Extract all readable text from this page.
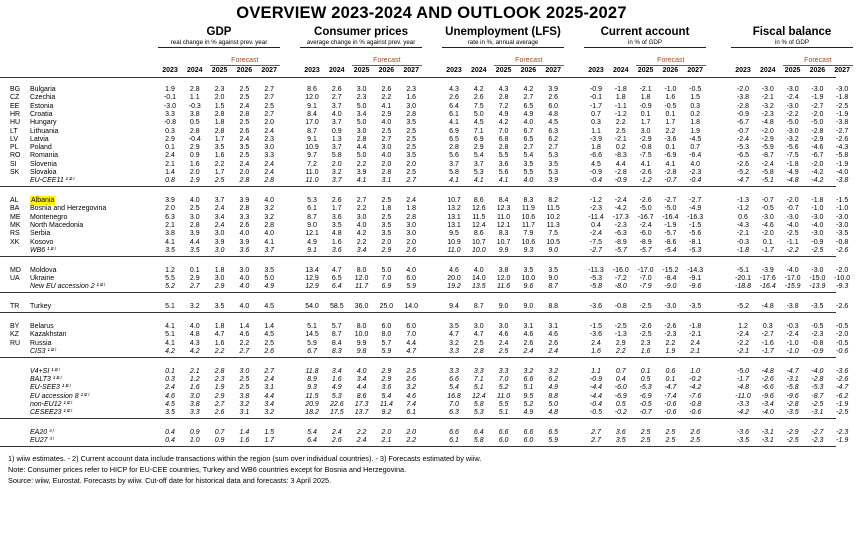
OVERVIEW 2023-2024 AND OUTLOOK 2025-2027
GDP
real change in % against prev. year
Forecast
2023	2024	2025	2026	2027
Consumer prices
average change in % against prev. year
Forecast
2023	2024	2025	2026	2027
Unemployment (LFS)
rate in %, annual average
Forecast
2023	2024	2025	2026	2027
Current account
in % of GDP
Forecast
2023	2024	2025	2026	2027
Fiscal balance
in % of GDP
Forecast
2023	2024	2025	2026	2027
BG Bulgaria	1.9	2.8	2.3	2.5	2.7	8.6	2.6	3.0	2.6	2.3	4.3	4.2	4.3	4.2	3.9	-0.9	-1.8	-2.1	-1.0	-0.5	-2.0	-3.0	-3.0	-3.0	-3.0
CZ Czechia	-0.1	1.1	2.0	2.5	2.7	12.0	2.7	2.3	2.2	1.6	2.6	2.6	2.8	2.7	2.6	-0.1	1.8	1.8	1.6	1.5	-3.8	-2.1	-2.4	-1.9	-1.8
EE Estonia	-3.0	-0.3	1.5	2.4	2.5	9.1	3.7	5.0	4.1	3.0	6.4	7.5	7.2	6.5	6.0	-1.7	-1.1	-0.9	-0.5	0.3	-2.8	-3.2	-3.0	-2.7	-2.5
HR Croatia	3.3	3.8	2.8	2.8	2.7	8.4	4.0	3.4	2.9	2.8	6.1	5.0	4.9	4.9	4.8	0.7	-1.2	0.1	0.1	0.2	-0.9	-2.3	-2.2	-2.0	-1.9
HU Hungary	-0.8	0.5	1.8	2.5	2.0	17.0	3.7	5.0	4.0	3.5	4.1	4.5	4.2	4.0	4.5	0.3	2.2	1.7	1.7	1.8	-6.7	-4.8	-5.0	-5.0	-3.8
LT Lithuania	0.3	2.8	2.8	2.6	2.4	8.7	0.9	3.0	2.5	2.5	6.9	7.1	7.0	6.7	6.3	1.1	2.5	3.0	2.2	1.9	-0.7	-2.0	-3.0	-2.8	-2.7
LV Latvia	2.9	-0.4	1.7	2.4	2.3	9.1	1.3	2.8	2.7	2.5	6.5	6.9	6.8	6.5	6.2	-3.9	-2.1	-2.9	-3.6	-4.5	-2.4	-2.9	-3.2	-2.9	-2.6
PL Poland	0.1	2.9	3.5	3.5	3.0	10.9	3.7	4.4	3.0	2.5	2.8	2.9	2.8	2.7	2.7	1.8	0.2	-0.8	0.1	0.7	-5.3	-5.9	-5.6	-4.6	-4.3
RO Romania	2.4	0.9	1.6	2.5	3.3	9.7	5.8	5.0	4.0	3.5	5.6	5.4	5.5	5.4	5.3	-6.6	-8.3	-7.5	-6.9	-6.4	-6.5	-8.7	-7.5	-6.7	-5.8
SI Slovenia	2.1	1.6	2.2	2.4	2.4	7.2	2.0	2.2	2.0	2.0	3.7	3.7	3.6	3.5	3.5	4.5	4.4	4.1	4.1	4.0	-2.6	-2.4	-1.8	-2.0	-1.9
SK Slovakia	1.4	2.0	1.7	2.0	2.4	11.0	3.2	3.9	2.8	2.5	5.8	5.3	5.6	5.5	5.3	-0.9	-2.8	-2.6	-2.8	-2.3	-5.2	-5.8	-4.9	-4.2	-4.0
EU-CEE11 ¹⁾²⁾	0.8	1.9	2.5	2.8	2.8	11.0	3.7	4.1	3.1	2.7	4.1	4.1	4.1	4.0	3.9	-0.4	-0.9	-1.2	-0.7	-0.4	-4.7	-5.1	-4.8	-4.2	-3.8
AL Albania	3.9	4.0	3.7	3.9	4.0	5.3	2.6	2.7	2.5	2.4	10.7	8.6	8.4	8.3	8.2	-1.2	-2.4	-2.6	-2.7	-2.7	-1.3	-0.7	-2.0	-1.8	-1.5
BA Bosnia and Herzegovina	2.0	2.5	2.4	2.8	3.2	6.1	1.7	2.2	1.8	1.8	13.2	12.6	12.3	11.9	11.5	-2.3	-4.2	-5.0	-5.0	-4.9	-1.2	-0.5	-0.7	-1.0	-1.0
ME Montenegro	6.3	3.0	3.4	3.3	3.2	8.7	3.6	3.0	2.5	2.8	13.1	11.5	11.0	10.6	10.2	-11.4	-17.3	-16.7	-16.4	-16.3	0.6	-3.0	-3.0	-3.0	-3.0
MK North Macedonia	2.1	2.8	2.4	2.6	2.8	9.0	3.5	4.0	3.5	3.0	13.1	12.4	12.1	11.7	11.3	0.4	-2.3	-2.4	-1.9	-1.5	-4.3	-4.6	-4.0	-4.0	-3.0
RS Serbia	3.8	3.9	3.0	4.0	4.0	12.1	4.8	4.2	3.5	3.0	9.5	8.6	8.3	7.9	7.5	-2.4	-6.3	-6.0	-5.7	-5.6	-2.1	-2.0	-2.5	-3.0	-3.5
XK Kosovo	4.1	4.4	3.9	3.9	4.1	4.9	1.6	2.2	2.0	2.0	10.9	10.7	10.7	10.6	10.5	-7.5	-8.9	-8.9	-8.6	-8.1	-0.3	0.1	-1.1	-0.9	-0.8
WB6 ¹⁾²⁾	3.5	3.5	3.0	3.6	3.7	9.1	3.6	3.4	2.9	2.6	11.0	10.0	9.9	9.3	9.0	-2.7	-5.7	-5.7	-5.4	-5.3	-1.8	-1.7	-2.2	-2.5	-2.6
MD Moldova	1.2	0.1	1.8	3.0	3.5	13.4	4.7	8.0	5.0	4.0	4.6	4.0	3.8	3.5	3.5	-11.3	-16.0	-17.0	-15.2	-14.3	-5.1	-3.9	-4.0	-3.0	-2.0
UA Ukraine	5.5	2.9	3.0	4.0	5.0	12.9	6.5	12.0	7.0	6.0	20.0	14.0	12.0	10.0	9.0	-5.3	-7.2	-7.0	-8.4	-9.1	-20.1	-17.6	-17.0	-15.0	-10.0
New EU accession 2 ¹⁾²⁾	5.2	2.7	2.9	4.0	4.9	12.9	6.4	11.7	6.9	5.9	19.2	13.5	11.6	9.6	8.7	-5.8	-8.0	-7.9	-9.0	-9.6	-18.8	-16.4	-15.9	-13.9	-9.3
TR Turkey	5.1	3.2	3.5	4.0	4.5	54.0	58.5	36.0	25.0	14.0	9.4	8.7	9.0	9.0	8.8	-3.6	-0.8	-2.5	-3.0	-3.5	-5.2	-4.8	-3.8	-3.5	-2.6
BY Belarus	4.1	4.0	1.8	1.4	1.4	5.1	5.7	8.0	6.0	6.0	3.5	3.0	3.0	3.1	3.1	-1.5	-2.5	-2.6	-2.6	-1.8	1.2	0.3	-0.3	-0.5	-0.5
KZ Kazakhstan	5.1	4.8	4.7	4.6	4.5	14.5	8.7	10.0	8.0	7.0	4.7	4.7	4.6	4.6	4.6	-3.6	-1.3	-2.5	-2.3	-2.1	-2.4	-2.7	-2.4	-2.3	-2.0
RU Russia	4.1	4.3	1.6	2.2	2.5	5.9	8.4	9.9	5.7	4.4	3.2	2.5	2.4	2.6	2.6	2.4	2.9	2.3	2.2	2.4	-2.2	-1.6	-1.0	-0.8	-0.5
CIS3 ¹⁾²⁾	4.2	4.2	2.2	2.7	2.6	6.7	8.3	9.8	5.9	4.7	3.3	2.8	2.5	2.4	2.4	1.6	2.2	1.6	1.9	2.1	-2.1	-1.7	-1.0	-0.9	-0.6
V4+SI ¹⁾²⁾	0.1	2.1	2.8	3.0	2.7	11.8	3.4	4.0	2.9	2.5	3.3	3.3	3.3	3.2	3.2	1.1	0.7	0.1	0.6	1.0	-5.0	-4.8	-4.7	-4.0	-3.6
BALT3 ¹⁾²⁾	0.3	1.2	2.3	2.5	2.4	8.9	1.6	3.4	2.9	2.6	6.6	7.1	7.0	6.6	6.2	-0.9	0.4	0.5	0.1	-0.2	-1.7	-2.6	-3.1	-2.8	-2.6
EU-SEE3 ¹⁾²⁾	2.4	1.6	1.9	2.5	3.1	9.3	4.9	4.4	3.6	3.2	5.4	5.1	5.2	5.1	4.9	-4.4	-6.0	-5.3	-4.7	-4.2	-4.8	-6.6	-5.8	-5.3	-4.7
EU accession 8 ¹⁾²⁾	4.6	3.0	2.9	3.8	4.4	11.5	5.3	8.6	5.4	4.6	16.8	12.4	11.0	9.5	8.8	-4.4	-6.9	-6.9	-7.4	-7.6	-11.0	-9.6	-9.6	-8.7	-6.2
non-EU12 ¹⁾²⁾	4.5	3.8	2.7	3.2	3.4	20.9	22.6	17.3	11.4	7.4	7.0	5.8	5.5	5.2	5.0	-0.4	0.5	-0.5	-0.6	-0.8	-3.3	-3.4	-2.8	-2.5	-1.9
CESEE23 ¹⁾²⁾	3.5	3.3	2.6	3.1	3.2	18.2	17.5	13.7	9.2	6.1	6.3	5.3	5.1	4.9	4.8	-0.5	-0.2	-0.7	-0.6	-0.6	-4.2	-4.0	-3.5	-3.1	-2.5
EA20 ³⁾	0.4	0.9	0.7	1.4	1.5	5.4	2.4	2.2	2.0	2.0	6.6	6.4	6.6	6.6	6.5	2.7	3.6	2.5	2.5	2.6	-3.6	-3.1	-2.9	-2.7	-2.3
EU27 ³⁾	0.4	1.0	0.9	1.6	1.7	6.4	2.6	2.4	2.1	2.2	6.1	5.8	6.0	6.0	5.9	2.7	3.5	2.5	2.5	2.5	-3.5	-3.1	-2.5	-2.3	-1.9
1) wiiw estimates. - 2) Current account data include transactions within the region (sum over individual countries). - 3) Forecasts estimated by wiiw.
Note: Consumer prices refer to HICP for EU-CEE countries, Turkey and WB6 countries except for Bosnia and Herzegovina.
Source: wiiw, Eurostat. Forecasts by wiiw. Cut-off date for historical data and forecasts: 3 April 2025.
